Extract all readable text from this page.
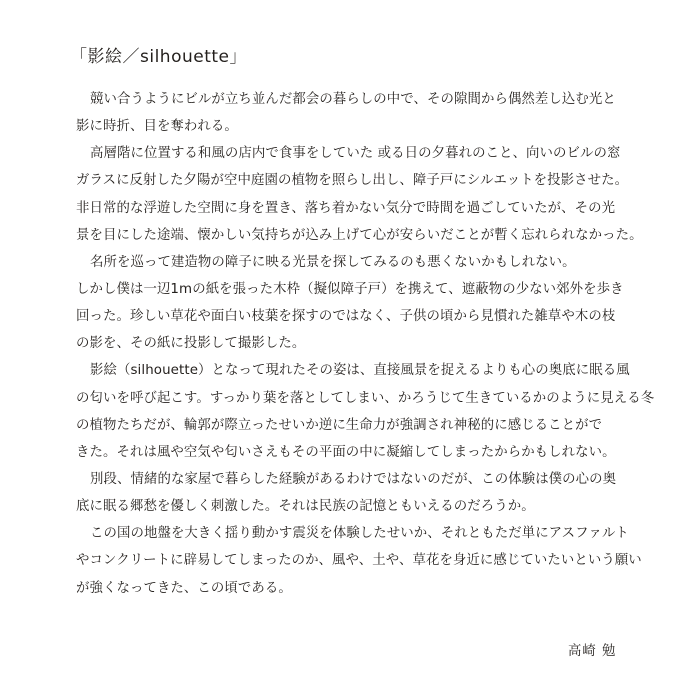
「影絵／silhouette」
競い合うようにビルが立ち並んだ都会の暮らしの中で、その隙間から偶然差し込む光と
影に時折、目を奪われる。
高層階に位置する和風の店内で食事をしていた 或る日の夕暮れのこと、向いのビルの窓
ガラスに反射した夕陽が空中庭園の植物を照らし出し、障子戸にシルエットを投影させた。
非日常的な浮遊した空間に身を置き、落ち着かない気分で時間を過ごしていたが、その光
景を目にした途端、懐かしい気持ちが込み上げて心が安らいだことが暫く忘れられなかった。
名所を巡って建造物の障子に映る光景を探してみるのも悪くないかもしれない。
しかし僕は一辺1mの紙を張った木枠（擬似障子戸）を携えて、遮蔽物の少ない郊外を歩き
回った。珍しい草花や面白い枝葉を探すのではなく、子供の頃から見慣れた雑草や木の枝
の影を、その紙に投影して撮影した。
影絵（silhouette）となって現れたその姿は、直接風景を捉えるよりも心の奥底に眠る風
の匂いを呼び起こす。すっかり葉を落としてしまい、かろうじて生きているかのように見える冬
の植物たちだが、輪郭が際立ったせいか逆に生命力が強調され神秘的に感じることがで
きた。それは風や空気や匂いさえもその平面の中に凝縮してしまったからかもしれない。
別段、情緒的な家屋で暮らした経験があるわけではないのだが、この体験は僕の心の奥
底に眠る郷愁を優しく刺激した。それは民族の記憶ともいえるのだろうか。
この国の地盤を大きく揺り動かす震災を体験したせいか、それともただ単にアスファルト
やコンクリートに辟易してしまったのか、風や、土や、草花を身近に感じていたいという願い
が強くなってきた、この頃である。
高崎 勉
